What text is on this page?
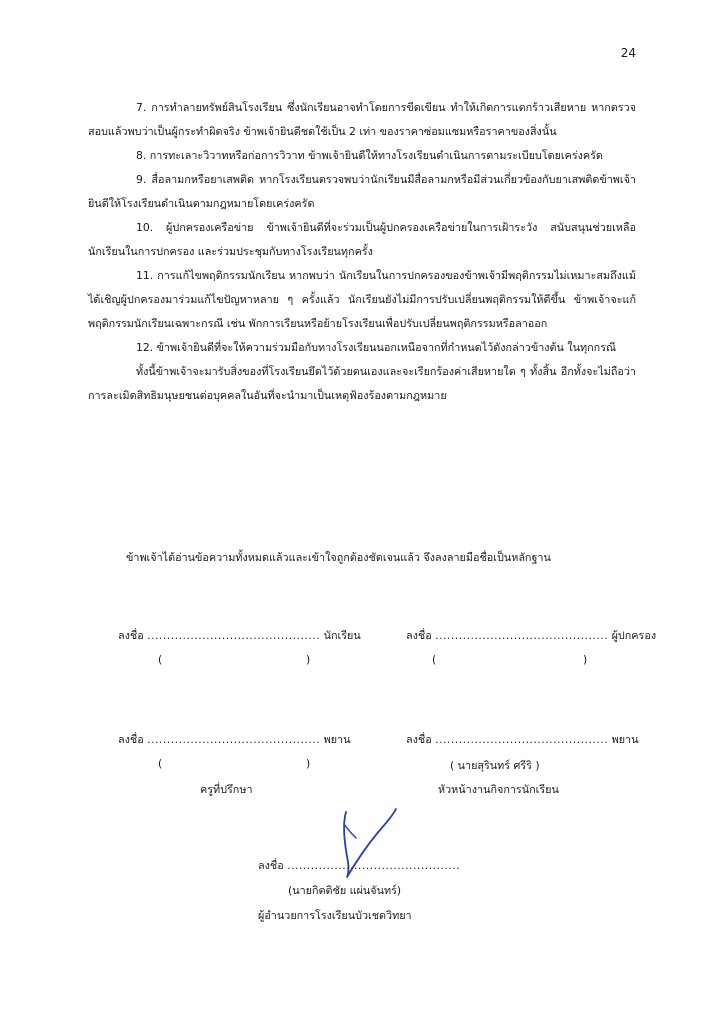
24

7. การทำลายทรัพย์สินโรงเรียน ซึ่งนักเรียนอาจทำโดยการขีดเขียน ทำให้เกิดการแตกร้าวเสียหาย หากตรวจสอบแล้วพบว่าเป็นผู้กระทำผิดจริง ข้าพเจ้ายินดีชดใช้เป็น 2 เท่า ของราคาซ่อมแซมหรือราคาของสิ่งนั้น

8. การทะเลาะวิวาทหรือก่อการวิวาท ข้าพเจ้ายินดีให้ทางโรงเรียนดำเนินการตามระเบียบโดยเคร่งครัด

9. สื่อลามกหรือยาเสพติด หากโรงเรียนตรวจพบว่านักเรียนมีสื่อลามกหรือมีส่วนเกี่ยวข้องกับยาเสพติดข้าพเจ้ายินดีให้โรงเรียนดำเนินตามกฎหมายโดยเคร่งครัด

10. ผู้ปกครองเครือข่าย ข้าพเจ้ายินดีที่จะร่วมเป็นผู้ปกครองเครือข่ายในการเฝ้าระวัง สนับสนุนช่วยเหลือนักเรียนในการปกครอง และร่วมประชุมกับทางโรงเรียนทุกครั้ง

11. การแก้ไขพฤติกรรมนักเรียน หากพบว่า นักเรียนในการปกครองของข้าพเจ้ามีพฤติกรรมไม่เหมาะสมถึงแม้ได้เชิญผู้ปกครองมาร่วมแก้ไขปัญหาหลาย ๆ ครั้งแล้ว นักเรียนยังไม่มีการปรับเปลี่ยนพฤติกรรมให้ดีขึ้น ข้าพเจ้าจะแก้พฤติกรรมนักเรียนเฉพาะกรณี เช่น พักการเรียนหรือย้ายโรงเรียนเพื่อปรับเปลี่ยนพฤติกรรมหรือลาออก

12. ข้าพเจ้ายินดีที่จะให้ความร่วมมือกับทางโรงเรียนนอกเหนือจากที่กำหนดไว้ดังกล่าวข้างต้น ในทุกกรณี

ทั้งนี้ข้าพเจ้าจะมารับสิ่งของที่โรงเรียนยึดไว้ด้วยตนเองและจะเรียกร้องค่าเสียหายใด ๆ ทั้งสิ้น อีกทั้งจะไม่ถือว่าการละเมิดสิทธิมนุษยชนต่อบุคคลในอันที่จะนำมาเป็นเหตุฟ้องร้องตามกฎหมาย

ข้าพเจ้าได้อ่านข้อความทั้งหมดแล้วและเข้าใจถูกต้องชัดเจนแล้ว จึงลงลายมือชื่อเป็นหลักฐาน
ลงชื่อ ............................................ นักเรียน
(	)
ลงชื่อ ............................................ ผู้ปกครอง
(	)
ลงชื่อ ............................................ พยาน
(	)
ครูที่ปรึกษา
ลงชื่อ ............................................ พยาน
( นายสุรินทร์ ศรีริ )
หัวหน้างานกิจการนักเรียน
ลงชื่อ ............................................
(นายกิตติชัย แผ่นจันทร์)
ผู้อำนวยการโรงเรียนบัวเชดวิทยา
